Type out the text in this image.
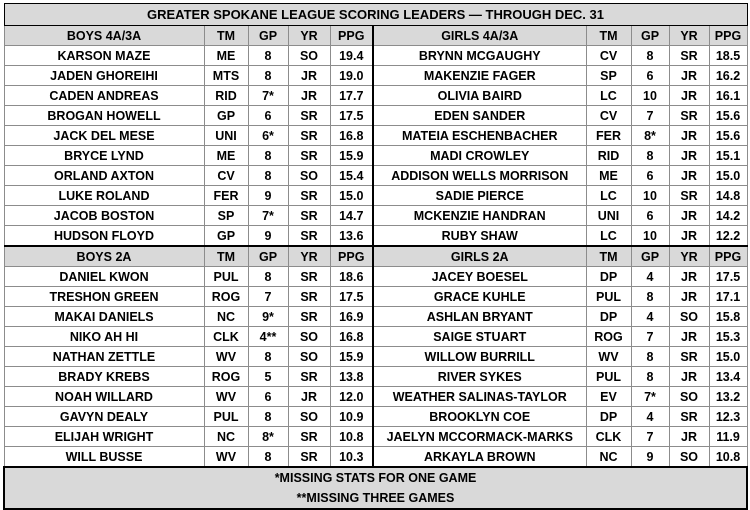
GREATER SPOKANE LEAGUE SCORING LEADERS — THROUGH DEC. 31									
BOYS 4A/3A	TM	GP	YR	PPG	GIRLS 4A/3A	TM	GP	YR	PPG
KARSON MAZE	ME	8	SO	19.4	BRYNN MCGAUGHY	CV	8	SR	18.5
JADEN GHOREIHI	MTS	8	JR	19.0	MAKENZIE FAGER	SP	6	JR	16.2
CADEN ANDREAS	RID	7*	JR	17.7	OLIVIA BAIRD	LC	10	JR	16.1
BROGAN HOWELL	GP	6	SR	17.5	EDEN SANDER	CV	7	SR	15.6
JACK DEL MESE	UNI	6*	SR	16.8	MATEIA ESCHENBACHER	FER	8*	JR	15.6
BRYCE LYND	ME	8	SR	15.9	MADI CROWLEY	RID	8	JR	15.1
ORLAND AXTON	CV	8	SO	15.4	ADDISON WELLS MORRISON	ME	6	JR	15.0
LUKE ROLAND	FER	9	SR	15.0	SADIE PIERCE	LC	10	SR	14.8
JACOB BOSTON	SP	7*	SR	14.7	MCKENZIE HANDRAN	UNI	6	JR	14.2
HUDSON FLOYD	GP	9	SR	13.6	RUBY SHAW	LC	10	JR	12.2
BOYS 2A	TM	GP	YR	PPG	GIRLS 2A	TM	GP	YR	PPG
DANIEL KWON	PUL	8	SR	18.6	JACEY BOESEL	DP	4	JR	17.5
TRESHON GREEN	ROG	7	SR	17.5	GRACE KUHLE	PUL	8	JR	17.1
MAKAI DANIELS	NC	9*	SR	16.9	ASHLAN BRYANT	DP	4	SO	15.8
NIKO AH HI	CLK	4**	SO	16.8	SAIGE STUART	ROG	7	JR	15.3
NATHAN ZETTLE	WV	8	SO	15.9	WILLOW BURRILL	WV	8	SR	15.0
BRADY KREBS	ROG	5	SR	13.8	RIVER SYKES	PUL	8	JR	13.4
NOAH WILLARD	WV	6	JR	12.0	WEATHER SALINAS-TAYLOR	EV	7*	SO	13.2
GAVYN DEALY	PUL	8	SO	10.9	BROOKLYN COE	DP	4	SR	12.3
ELIJAH WRIGHT	NC	8*	SR	10.8	JAELYN MCCORMACK-MARKS	CLK	7	JR	11.9
WILL BUSSE	WV	8	SR	10.3	ARKAYLA BROWN	NC	9	SO	10.8

*MISSING STATS FOR ONE GAME
**MISSING THREE GAMES									
